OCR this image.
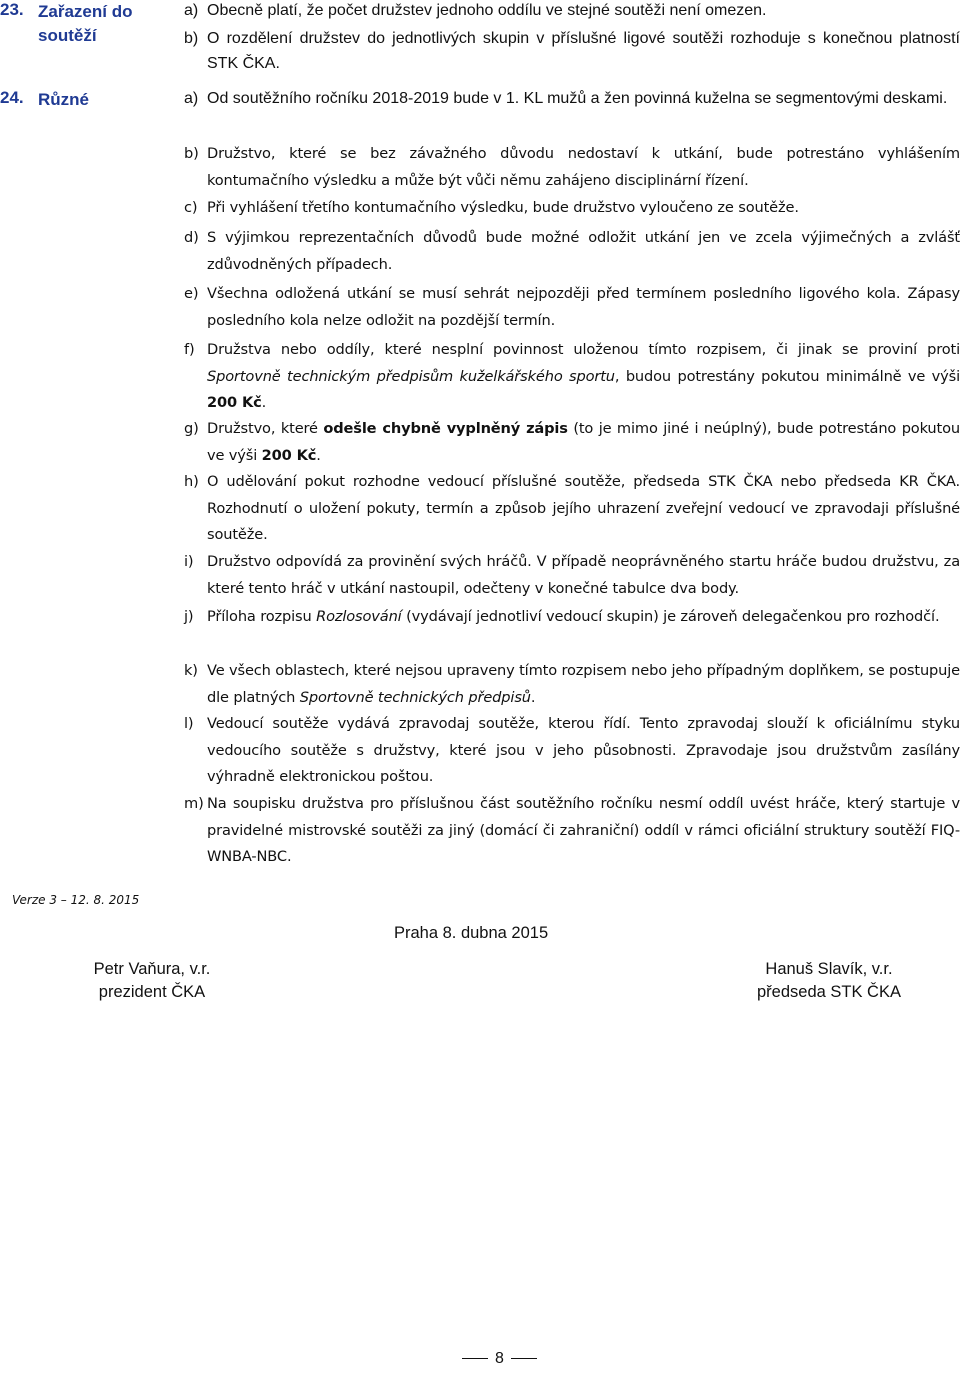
23. Zařazení do
soutěží
a) Obecně platí, že počet družstev jednoho oddílu ve stejné soutěži není omezen.
b) O rozdělení družstev do jednotlivých skupin v příslušné ligové soutěži rozhoduje s konečnou platností STK ČKA.
24. Různé	a) Od soutěžního ročníku 2018-2019 bude v 1. KL mužů a žen povinná kuželna se segmentovými deskami.
b) Družstvo, které se bez závažného důvodu nedostaví k utkání, bude potrestáno vyhlášením kontumačního výsledku a může být vůči němu zahájeno disciplinární řízení.
c) Při vyhlášení třetího kontumačního výsledku, bude družstvo vyloučeno ze soutěže.
d) S výjimkou reprezentačních důvodů bude možné odložit utkání jen ve zcela výjimečných a zvlášť zdůvodněných případech.
e) Všechna odložená utkání se musí sehrát nejpozději před termínem posledního ligového kola. Zápasy posledního kola nelze odložit na pozdější termín.
f) Družstva nebo oddíly, které nesplní povinnost uloženou tímto rozpisem, či jinak se proviní proti Sportovně technickým předpisům kuželkářského sportu, budou potrestány pokutou minimálně ve výši 200 Kč.
g) Družstvo, které odešle chybně vyplněný zápis (to je mimo jiné i neúplný), bude potrestáno pokutou ve výši 200 Kč.
h) O udělování pokut rozhodne vedoucí příslušné soutěže, předseda STK ČKA nebo předseda KR ČKA. Rozhodnutí o uložení pokuty, termín a způsob jejího uhrazení zveřejní vedoucí ve zpravodaji příslušné soutěže.
i) Družstvo odpovídá za provinění svých hráčů. V případě neoprávněného startu hráče budou družstvu, za které tento hráč v utkání nastoupil, odečteny v konečné tabulce dva body.
j) Příloha rozpisu Rozlosování (vydávají jednotliví vedoucí skupin) je zároveň delegačenkou pro rozhodčí.
k) Ve všech oblastech, které nejsou upraveny tímto rozpisem nebo jeho případným doplňkem, se postupuje dle platných Sportovně technických předpisů.
l) Vedoucí soutěže vydává zpravodaj soutěže, kterou řídí. Tento zpravodaj slouží k oficiálnímu styku vedoucího soutěže s družstvy, které jsou v jeho působnosti. Zpravodaje jsou družstvům zasílány výhradně elektronickou poštou.
m) Na soupisku družstva pro příslušnou část soutěžního ročníku nesmí oddíl uvést hráče, který startuje v pravidelné mistrovské soutěži za jiný (domácí či zahraniční) oddíl v rámci oficiální struktury soutěží FIQ-WNBA-NBC.
Verze 3 – 12. 8. 2015
Praha 8. dubna 2015
Petr Vaňura, v.r.
prezident ČKA
Hanuš Slavík, v.r.
předseda STK ČKA
8
